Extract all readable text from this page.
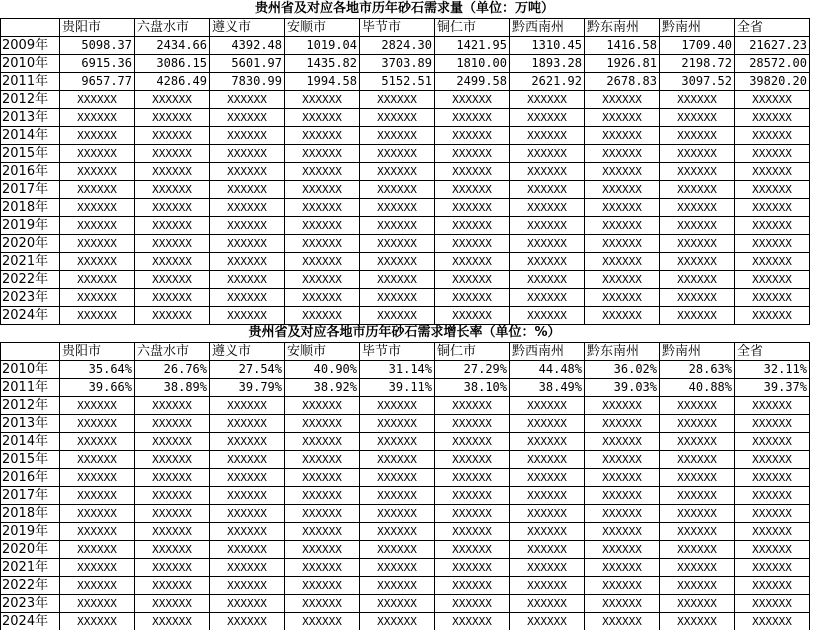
贵州省及对应各地市历年砂石需求量（单位：万吨）
	贵阳市	六盘水市	遵义市	安顺市	毕节市	铜仁市	黔西南州	黔东南州	黔南州	全省
2009年	5098.37	2434.66	4392.48	1019.04	2824.30	1421.95	1310.45	1416.58	1709.40	21627.23
2010年	6915.36	3086.15	5601.97	1435.82	3703.89	1810.00	1893.28	1926.81	2198.72	28572.00
2011年	9657.77	4286.49	7830.99	1994.58	5152.51	2499.58	2621.92	2678.83	3097.52	39820.20
2012年	XXXXXX	XXXXXX	XXXXXX	XXXXXX	XXXXXX	XXXXXX	XXXXXX	XXXXXX	XXXXXX	XXXXXX
2013年	XXXXXX	XXXXXX	XXXXXX	XXXXXX	XXXXXX	XXXXXX	XXXXXX	XXXXXX	XXXXXX	XXXXXX
2014年	XXXXXX	XXXXXX	XXXXXX	XXXXXX	XXXXXX	XXXXXX	XXXXXX	XXXXXX	XXXXXX	XXXXXX
2015年	XXXXXX	XXXXXX	XXXXXX	XXXXXX	XXXXXX	XXXXXX	XXXXXX	XXXXXX	XXXXXX	XXXXXX
2016年	XXXXXX	XXXXXX	XXXXXX	XXXXXX	XXXXXX	XXXXXX	XXXXXX	XXXXXX	XXXXXX	XXXXXX
2017年	XXXXXX	XXXXXX	XXXXXX	XXXXXX	XXXXXX	XXXXXX	XXXXXX	XXXXXX	XXXXXX	XXXXXX
2018年	XXXXXX	XXXXXX	XXXXXX	XXXXXX	XXXXXX	XXXXXX	XXXXXX	XXXXXX	XXXXXX	XXXXXX
2019年	XXXXXX	XXXXXX	XXXXXX	XXXXXX	XXXXXX	XXXXXX	XXXXXX	XXXXXX	XXXXXX	XXXXXX
2020年	XXXXXX	XXXXXX	XXXXXX	XXXXXX	XXXXXX	XXXXXX	XXXXXX	XXXXXX	XXXXXX	XXXXXX
2021年	XXXXXX	XXXXXX	XXXXXX	XXXXXX	XXXXXX	XXXXXX	XXXXXX	XXXXXX	XXXXXX	XXXXXX
2022年	XXXXXX	XXXXXX	XXXXXX	XXXXXX	XXXXXX	XXXXXX	XXXXXX	XXXXXX	XXXXXX	XXXXXX
2023年	XXXXXX	XXXXXX	XXXXXX	XXXXXX	XXXXXX	XXXXXX	XXXXXX	XXXXXX	XXXXXX	XXXXXX
2024年	XXXXXX	XXXXXX	XXXXXX	XXXXXX	XXXXXX	XXXXXX	XXXXXX	XXXXXX	XXXXXX	XXXXXX
贵州省及对应各地市历年砂石需求增长率（单位：%）
	贵阳市	六盘水市	遵义市	安顺市	毕节市	铜仁市	黔西南州	黔东南州	黔南州	全省
2010年	35.64%	26.76%	27.54%	40.90%	31.14%	27.29%	44.48%	36.02%	28.63%	32.11%
2011年	39.66%	38.89%	39.79%	38.92%	39.11%	38.10%	38.49%	39.03%	40.88%	39.37%
2012年	XXXXXX	XXXXXX	XXXXXX	XXXXXX	XXXXXX	XXXXXX	XXXXXX	XXXXXX	XXXXXX	XXXXXX
2013年	XXXXXX	XXXXXX	XXXXXX	XXXXXX	XXXXXX	XXXXXX	XXXXXX	XXXXXX	XXXXXX	XXXXXX
2014年	XXXXXX	XXXXXX	XXXXXX	XXXXXX	XXXXXX	XXXXXX	XXXXXX	XXXXXX	XXXXXX	XXXXXX
2015年	XXXXXX	XXXXXX	XXXXXX	XXXXXX	XXXXXX	XXXXXX	XXXXXX	XXXXXX	XXXXXX	XXXXXX
2016年	XXXXXX	XXXXXX	XXXXXX	XXXXXX	XXXXXX	XXXXXX	XXXXXX	XXXXXX	XXXXXX	XXXXXX
2017年	XXXXXX	XXXXXX	XXXXXX	XXXXXX	XXXXXX	XXXXXX	XXXXXX	XXXXXX	XXXXXX	XXXXXX
2018年	XXXXXX	XXXXXX	XXXXXX	XXXXXX	XXXXXX	XXXXXX	XXXXXX	XXXXXX	XXXXXX	XXXXXX
2019年	XXXXXX	XXXXXX	XXXXXX	XXXXXX	XXXXXX	XXXXXX	XXXXXX	XXXXXX	XXXXXX	XXXXXX
2020年	XXXXXX	XXXXXX	XXXXXX	XXXXXX	XXXXXX	XXXXXX	XXXXXX	XXXXXX	XXXXXX	XXXXXX
2021年	XXXXXX	XXXXXX	XXXXXX	XXXXXX	XXXXXX	XXXXXX	XXXXXX	XXXXXX	XXXXXX	XXXXXX
2022年	XXXXXX	XXXXXX	XXXXXX	XXXXXX	XXXXXX	XXXXXX	XXXXXX	XXXXXX	XXXXXX	XXXXXX
2023年	XXXXXX	XXXXXX	XXXXXX	XXXXXX	XXXXXX	XXXXXX	XXXXXX	XXXXXX	XXXXXX	XXXXXX
2024年	XXXXXX	XXXXXX	XXXXXX	XXXXXX	XXXXXX	XXXXXX	XXXXXX	XXXXXX	XXXXXX	XXXXXX
